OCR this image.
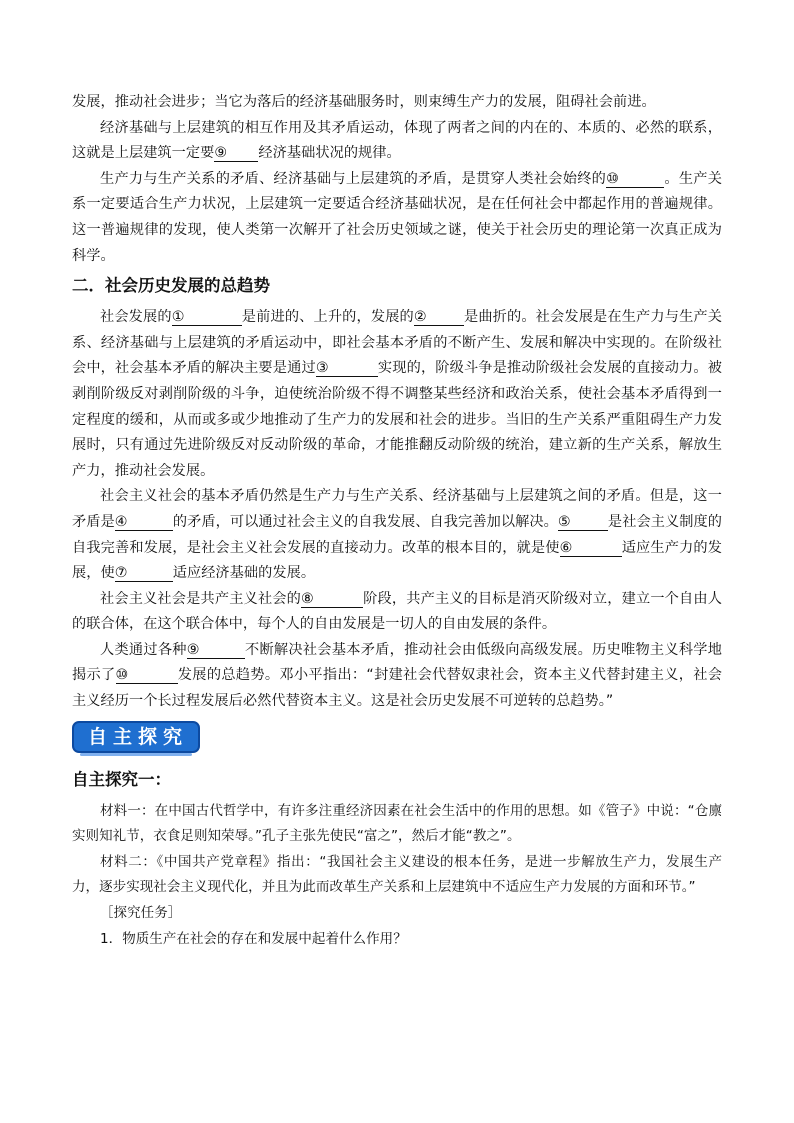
发展，推动社会进步；当它为落后的经济基础服务时，则束缚生产力的发展，阻碍社会前进。

经济基础与上层建筑的相互作用及其矛盾运动，体现了两者之间的内在的、本质的、必然的联系，这就是上层建筑一定要⑨ 经济基础状况的规律。

生产力与生产关系的矛盾、经济基础与上层建筑的矛盾，是贯穿人类社会始终的⑩	。生产关系一定要适合生产力状况，上层建筑一定要适合经济基础状况，是在任何社会中都起作用的普遍规律。这一普遍规律的发现，使人类第一次解开了社会历史领域之谜，使关于社会历史的理论第一次真正成为科学。

二．社会历史发展的总趋势

社会发展的①	是前进的、上升的，发展的②	是曲折的。社会发展是在生产力与生产关系、经济基础与上层建筑的矛盾运动中，即社会基本矛盾的不断产生、发展和解决中实现的。在阶级社会中，社会基本矛盾的解决主要是通过③	实现的，阶级斗争是推动阶级社会发展的直接动力。被剥削阶级反对剥削阶级的斗争，迫使统治阶级不得不调整某些经济和政治关系，使社会基本矛盾得到一定程度的缓和，从而或多或少地推动了生产力的发展和社会的进步。当旧的生产关系严重阻碍生产力发展时，只有通过先进阶级反对反动阶级的革命，才能推翻反动阶级的统治，建立新的生产关系，解放生产力，推动社会发展。

社会主义社会的基本矛盾仍然是生产力与生产关系、经济基础与上层建筑之间的矛盾。但是，这一矛盾是④	的矛盾，可以通过社会主义的自我发展、自我完善加以解决。⑤	是社会主义制度的自我完善和发展，是社会主义社会发展的直接动力。改革的根本目的，就是使⑥	适应生产力的发展，使⑦	适应经济基础的发展。

社会主义社会是共产主义社会的⑧	阶段，共产主义的目标是消灭阶级对立，建立一个自由人的联合体，在这个联合体中，每个人的自由发展是一切人的自由发展的条件。

人类通过各种⑨	不断解决社会基本矛盾，推动社会由低级向高级发展。历史唯物主义科学地揭示了⑩	发展的总趋势。邓小平指出：“封建社会代替奴隶社会，资本主义代替封建主义，社会主义经历一个长过程发展后必然代替资本主义。这是社会历史发展不可逆转的总趋势。”

自主探究
自主探究一：

材料一：在中国古代哲学中，有许多注重经济因素在社会生活中的作用的思想。如《管子》中说：“仓廪实则知礼节，衣食足则知荣辱。”孔子主张先使民“富之”，然后才能“教之”。

材料二：《中国共产党章程》指出：“我国社会主义建设的根本任务，是进一步解放生产力，发展生产力，逐步实现社会主义现代化，并且为此而改革生产关系和上层建筑中不适应生产力发展的方面和环节。”

［探究任务］

1．物质生产在社会的存在和发展中起着什么作用？
